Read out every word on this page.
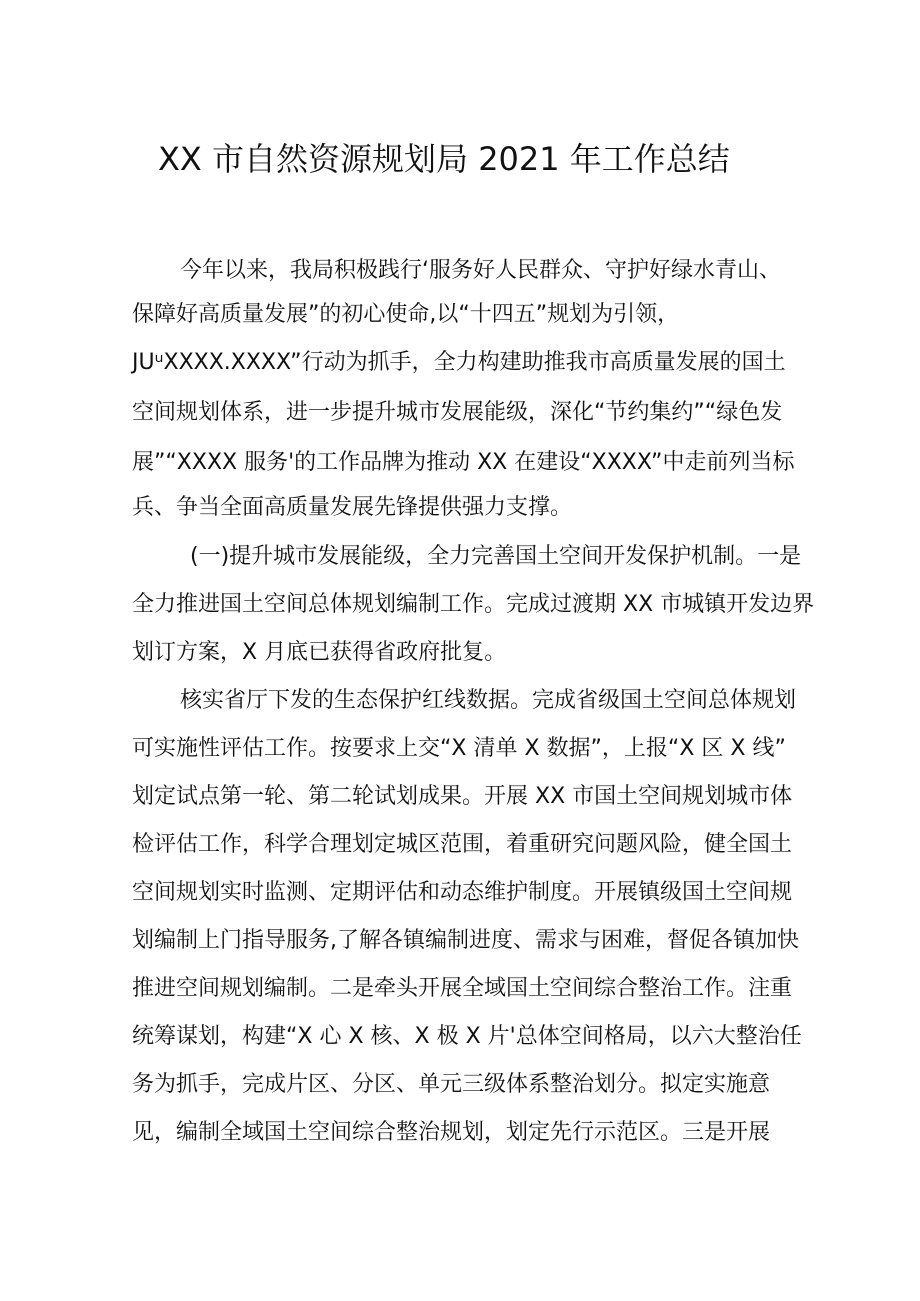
XX 市自然资源规划局 2021 年工作总结
今年以来，我局积极践行‘服务好人民群众、守护好绿水青山、
保障好高质量发展”的初心使命,以“十四五”规划为引领，
JUᵘXXXX.XXXX”行动为抓手，全力构建助推我市高质量发展的国土
空间规划体系，进一步提升城市发展能级，深化“节约集约”“绿色发
展”“XXXX 服务'的工作品牌为推动 XX 在建设“XXXX”中走前列当标
兵、争当全面高质量发展先锋提供强力支撑。
(一)提升城市发展能级，全力完善国土空间开发保护机制。一是
全力推进国土空间总体规划编制工作。完成过渡期 XX 市城镇开发边界
划订方案，X 月底已获得省政府批复。
核实省厅下发的生态保护红线数据。完成省级国土空间总体规划
可实施性评估工作。按要求上交“X 清单 X 数据”，上报“X 区 X 线”
划定试点第一轮、第二轮试划成果。开展 XX 市国土空间规划城市体
检评估工作，科学合理划定城区范围，着重研究问题风险，健全国土
空间规划实时监测、定期评估和动态维护制度。开展镇级国土空间规
划编制上门指导服务,了解各镇编制进度、需求与困难，督促各镇加快
推进空间规划编制。二是牵头开展全域国土空间综合整治工作。注重
统筹谋划，构建“X 心 X 核、X 极 X 片'总体空间格局，以六大整治任
务为抓手，完成片区、分区、单元三级体系整治划分。拟定实施意
见，编制全域国土空间综合整治规划，划定先行示范区。三是开展
